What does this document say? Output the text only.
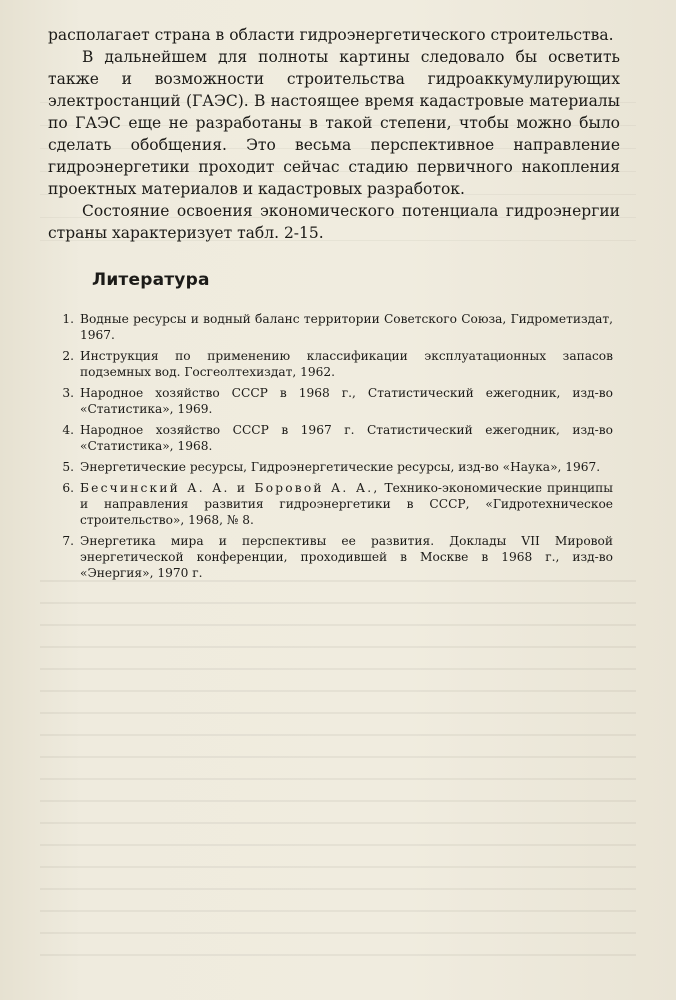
располагает страна в области гидроэнергетического строительства.

В дальнейшем для полноты картины следовало бы осветить также и возможности строительства гидроаккумулирующих электростанций (ГАЭС). В настоящее время кадастровые материалы по ГАЭС еще не разработаны в такой степени, чтобы можно было сделать обобщения. Это весьма перспективное направление гидроэнергетики проходит сейчас стадию первичного накопления проектных материалов и кадастровых разработок.

Состояние освоения экономического потенциала гидроэнергии страны характеризует табл. 2-15.

Литература
1. Водные ресурсы и водный баланс территории Советского Союза, Гидрометиздат, 1967.
2. Инструкция по применению классификации эксплуатационных запасов подземных вод. Госгеолтехиздат, 1962.
3. Народное хозяйство СССР в 1968 г., Статистический ежегодник, изд-во «Статистика», 1969.
4. Народное хозяйство СССР в 1967 г. Статистический ежегодник, изд-во «Статистика», 1968.
5. Энергетические ресурсы, Гидроэнергетические ресурсы, изд-во «Наука», 1967.
6. Бесчинский А. А. и Боровой А. А., Технико-экономические принципы и направления развития гидроэнергетики в СССР, «Гидротехническое строительство», 1968, № 8.
7. Энергетика мира и перспективы ее развития. Доклады VII Мировой энергетической конференции, проходившей в Москве в 1968 г., изд-во «Энергия», 1970 г.
